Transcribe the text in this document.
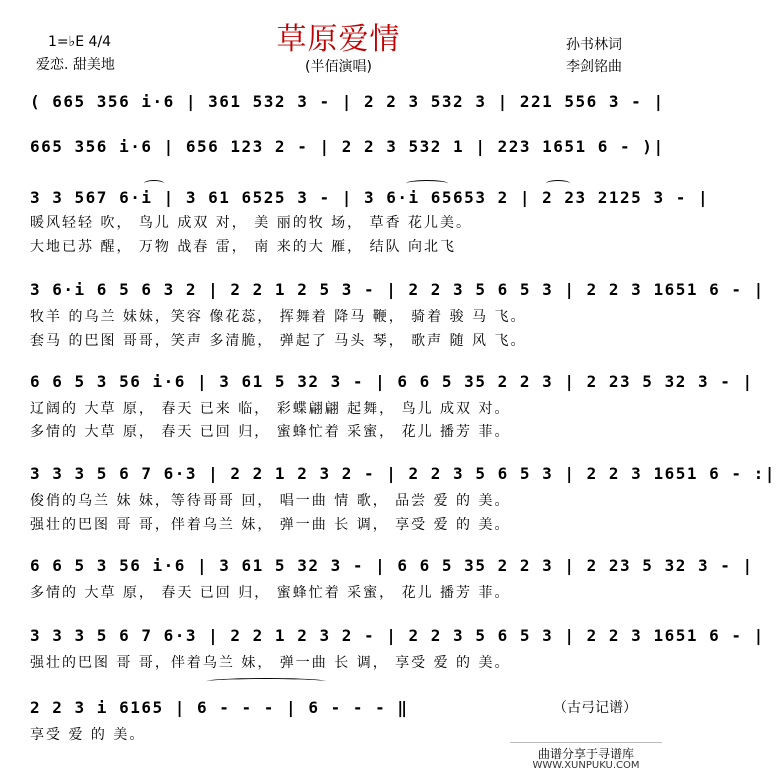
草原爱情
1=♭E 4/4
爱恋. 甜美地	(半佰演唱)
孙书林词
李剑铭曲
( 665 356 i·6 | 361 532 3 - | 2 2 3 532 3 | 221 556 3 - |
665 356 i·6 | 656 123 2 - | 2 2 3 532 1 | 223 1651 6 - )|
3 3 567 6·i | 3 61 6525 3 - | 3 6·i 65653 2 | 2 23 2125 3 - |
暖风轻轻 吹， 鸟儿 成双 对， 美 丽的牧 场， 草香 花儿美。
大地已苏 醒， 万物 战春 雷， 南 来的大 雁， 结队 向北飞
3 6·i 6 5 6 3 2 | 2 2 1 2 5 3 - | 2 2 3 5 6 5 3 | 2 2 3 1651 6 - |
牧羊 的乌兰 妹妹，笑容 像花蕊， 挥舞着 降马 鞭， 骑着 骏 马 飞。
套马 的巴图 哥哥，笑声 多清脆， 弹起了 马头 琴， 歌声 随 风 飞。
6 6 5 3 56 i·6 | 3 61 5 32 3 - | 6 6 5 35 2 2 3 | 2 23 5 32 3 - |
辽阔的 大草 原， 春天 已来 临， 彩蝶翩翩 起舞， 鸟儿 成双 对。
多情的 大草 原， 春天 已回 归， 蜜蜂忙着 采蜜， 花儿 播芳 菲。
3 3 3 5 6 7 6·3 | 2 2 1 2 3 2 - | 2 2 3 5 6 5 3 | 2 2 3 1651 6 - :|
俊俏的乌兰 妹 妹，等待哥哥 回， 唱一曲 情 歌， 品尝 爱 的 美。
强壮的巴图 哥 哥，伴着乌兰 妹， 弹一曲 长 调， 享受 爱 的 美。
6 6 5 3 56 i·6 | 3 61 5 32 3 - | 6 6 5 35 2 2 3 | 2 23 5 32 3 - |
多情的 大草 原， 春天 已回 归， 蜜蜂忙着 采蜜， 花儿 播芳 菲。
3 3 3 5 6 7 6·3 | 2 2 1 2 3 2 - | 2 2 3 5 6 5 3 | 2 2 3 1651 6 - |
强壮的巴图 哥 哥，伴着乌兰 妹， 弹一曲 长 调， 享受 爱 的 美。
2 2 3 i 6165 | 6 - - - | 6 - - - ‖
享受 爱 的 美。
（古弓记谱）
曲谱分享于寻谱库
WWW.XUNPUKU.COM
